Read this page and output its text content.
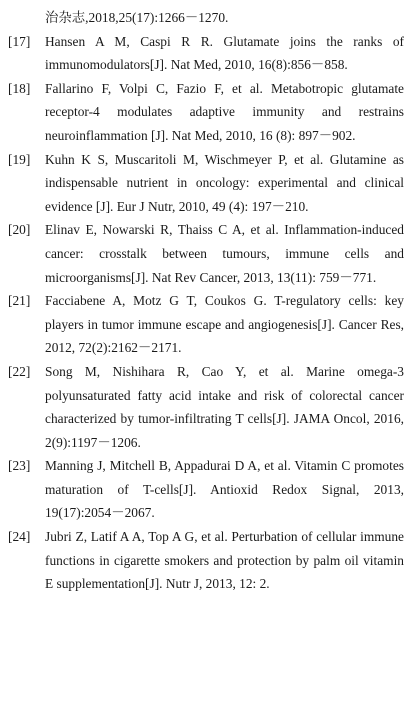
治杂志,2018,25(17):1266－1270.

[17]	Hansen A M, Caspi R R. Glutamate joins the ranks of immunomodulators[J]. Nat Med, 2010, 16(8):856－858.
[18]	Fallarino F, Volpi C, Fazio F, et al. Metabotropic glutamate receptor-4 modulates adaptive immunity and restrains neuroinflammation [J]. Nat Med, 2010, 16 (8): 897－902.
[19]	Kuhn K S, Muscaritoli M, Wischmeyer P, et al. Glutamine as indispensable nutrient in oncology: experimental and clinical evidence [J]. Eur J Nutr, 2010, 49 (4): 197－210.
[20]	Elinav E, Nowarski R, Thaiss C A, et al. Inflammation-induced cancer: crosstalk between tumours, immune cells and microorganisms[J]. Nat Rev Cancer, 2013, 13(11): 759－771.
[21]	Facciabene A, Motz G T, Coukos G. T-regulatory cells: key players in tumor immune escape and angiogenesis[J]. Cancer Res, 2012, 72(2):2162－2171.
[22]	Song M, Nishihara R, Cao Y, et al. Marine omega-3 polyunsaturated fatty acid intake and risk of colorectal cancer characterized by tumor-infiltrating T cells[J]. JAMA Oncol, 2016, 2(9):1197－1206.
[23]	Manning J, Mitchell B, Appadurai D A, et al. Vitamin C promotes maturation of T-cells[J]. Antioxid Redox Signal, 2013, 19(17):2054－2067.
[24]	Jubri Z, Latif A A, Top A G, et al. Perturbation of cellular immune functions in cigarette smokers and protection by palm oil vitamin E supplementation[J]. Nutr J, 2013, 12: 2.
